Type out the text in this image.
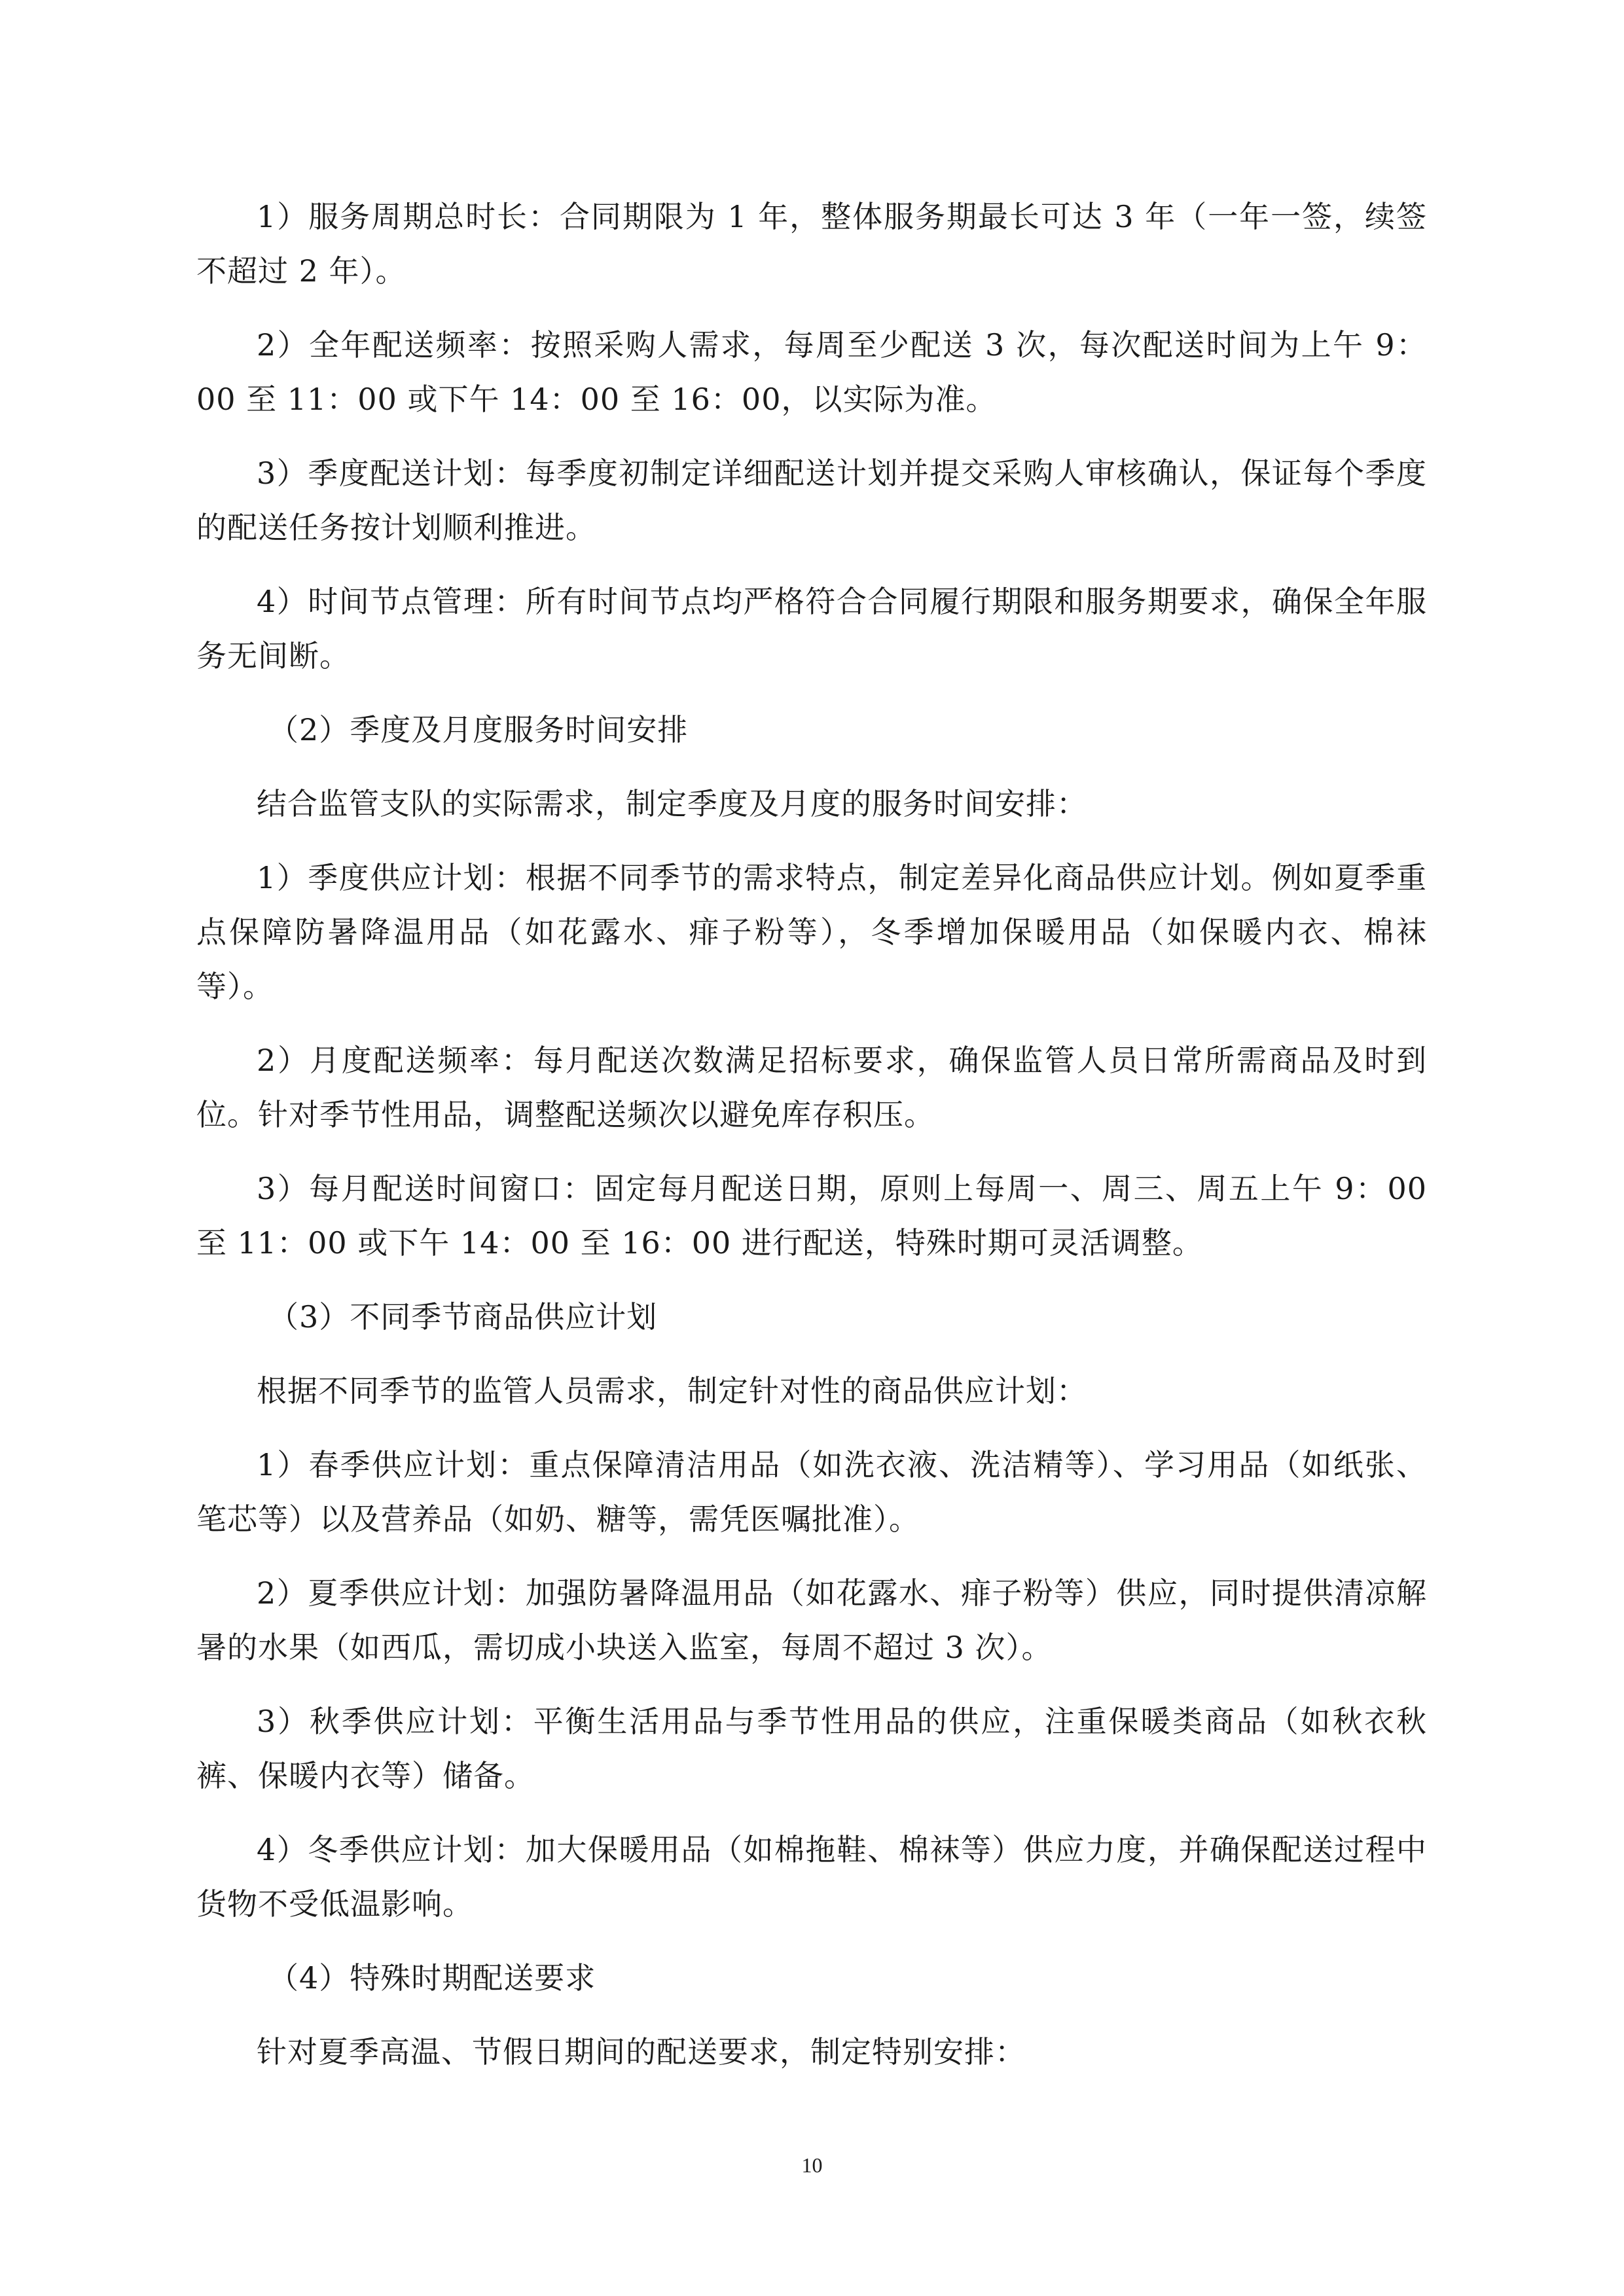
1）服务周期总时长：合同期限为 1 年，整体服务期最长可达 3 年（一年一签，续签不超过 2 年）。

2）全年配送频率：按照采购人需求，每周至少配送 3 次，每次配送时间为上午 9：00 至 11：00 或下午 14：00 至 16：00，以实际为准。

3）季度配送计划：每季度初制定详细配送计划并提交采购人审核确认，保证每个季度的配送任务按计划顺利推进。

4）时间节点管理：所有时间节点均严格符合合同履行期限和服务期要求，确保全年服务无间断。

（2）季度及月度服务时间安排

结合监管支队的实际需求，制定季度及月度的服务时间安排：

1）季度供应计划：根据不同季节的需求特点，制定差异化商品供应计划。例如夏季重点保障防暑降温用品（如花露水、痱子粉等），冬季增加保暖用品（如保暖内衣、棉袜等）。

2）月度配送频率：每月配送次数满足招标要求，确保监管人员日常所需商品及时到位。针对季节性用品，调整配送频次以避免库存积压。

3）每月配送时间窗口：固定每月配送日期，原则上每周一、周三、周五上午 9：00 至 11：00 或下午 14：00 至 16：00 进行配送，特殊时期可灵活调整。

（3）不同季节商品供应计划

根据不同季节的监管人员需求，制定针对性的商品供应计划：

1）春季供应计划：重点保障清洁用品（如洗衣液、洗洁精等）、学习用品（如纸张、笔芯等）以及营养品（如奶、糖等，需凭医嘱批准）。

2）夏季供应计划：加强防暑降温用品（如花露水、痱子粉等）供应，同时提供清凉解暑的水果（如西瓜，需切成小块送入监室，每周不超过 3 次）。

3）秋季供应计划：平衡生活用品与季节性用品的供应，注重保暖类商品（如秋衣秋裤、保暖内衣等）储备。

4）冬季供应计划：加大保暖用品（如棉拖鞋、棉袜等）供应力度，并确保配送过程中货物不受低温影响。

（4）特殊时期配送要求

针对夏季高温、节假日期间的配送要求，制定特别安排：

10
